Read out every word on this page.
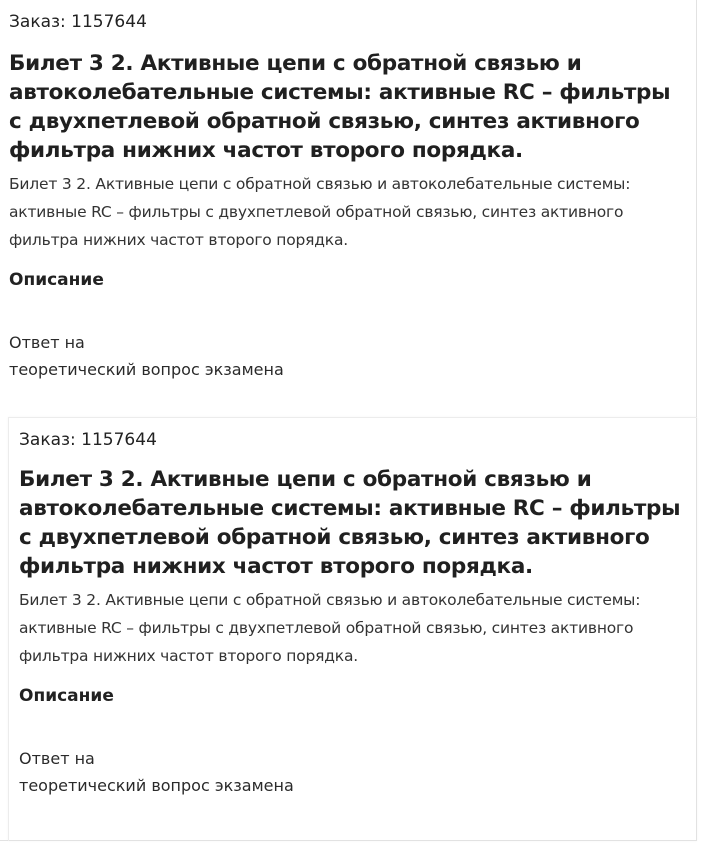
Заказ: 1157644

Билет 3 2. Активные цепи с обратной связью и автоколебательные системы: активные RC – фильтры с двухпетлевой обратной связью, синтез активного фильтра нижних частот второго порядка.

Билет 3 2. Активные цепи с обратной связью и автоколебательные системы: активные RC – фильтры с двухпетлевой обратной связью, синтез активного фильтра нижних частот второго порядка.

Описание

Ответ на
теоретический вопрос экзамена

Заказ: 1157644

Билет 3 2. Активные цепи с обратной связью и автоколебательные системы: активные RC – фильтры с двухпетлевой обратной связью, синтез активного фильтра нижних частот второго порядка.

Билет 3 2. Активные цепи с обратной связью и автоколебательные системы: активные RC – фильтры с двухпетлевой обратной связью, синтез активного фильтра нижних частот второго порядка.

Описание

Ответ на
теоретический вопрос экзамена
